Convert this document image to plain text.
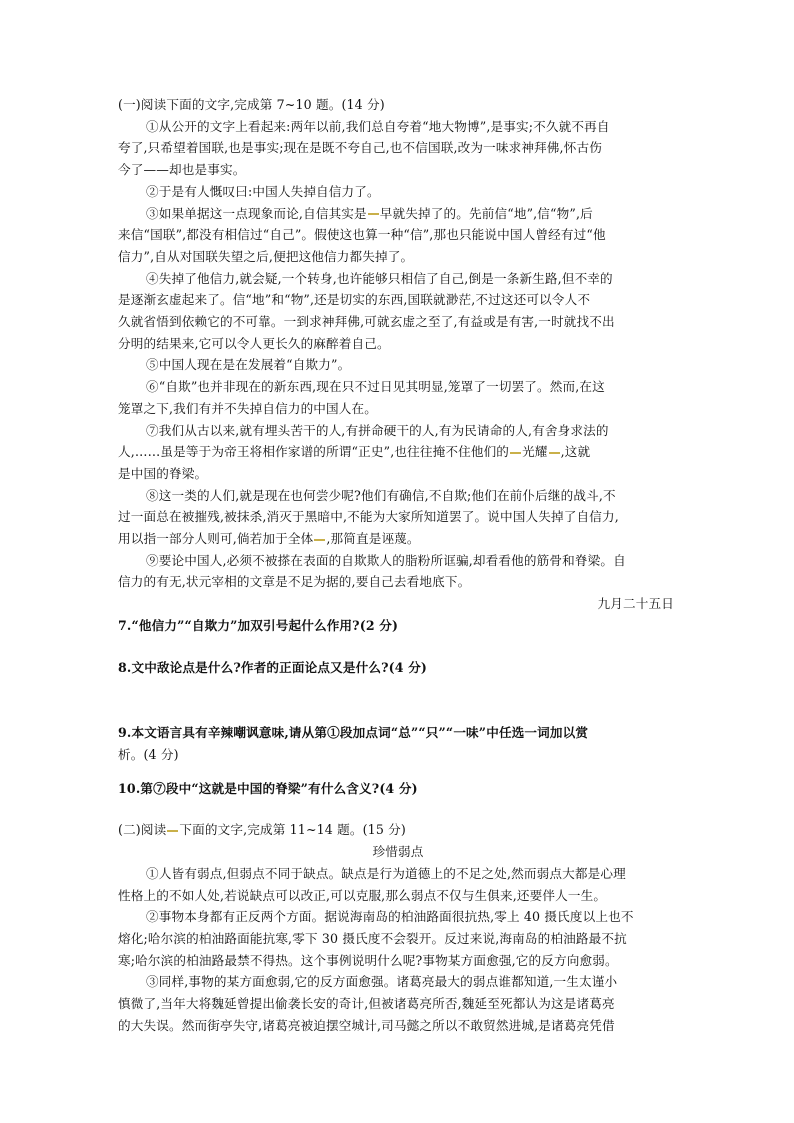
(一)阅读下面的文字,完成第 7~10 题。(14 分)
①从公开的文字上看起来:两年以前,我们总自夸着“地大物博”,是事实;不久就不再自
夸了,只希望着国联,也是事实;现在是既不夸自己,也不信国联,改为一味求神拜佛,怀古伤
今了——却也是事实。
②于是有人慨叹曰:中国人失掉自信力了。
③如果单据这一点现象而论,自信其实是 早就失掉了的。先前信“地”,信“物”,后
来信“国联”,都没有相信过“自己”。假使这也算一种“信”,那也只能说中国人曾经有过“他
信力”,自从对国联失望之后,便把这他信力都失掉了。
④失掉了他信力,就会疑,一个转身,也许能够只相信了自己,倒是一条新生路,但不幸的
是逐渐玄虚起来了。信“地”和“物”,还是切实的东西,国联就渺茫,不过这还可以令人不
久就省悟到依赖它的不可靠。一到求神拜佛,可就玄虚之至了,有益或是有害,一时就找不出
分明的结果来,它可以令人更长久的麻醉着自己。
⑤中国人现在是在发展着“自欺力”。
⑥“自欺”也并非现在的新东西,现在只不过日见其明显,笼罩了一切罢了。然而,在这
笼罩之下,我们有并不失掉自信力的中国人在。
⑦我们从古以来,就有埋头苦干的人,有拼命硬干的人,有为民请命的人,有舍身求法的
人,……虽是等于为帝王将相作家谱的所谓“正史”,也往往掩不住他们的 光耀 ,这就
是中国的脊梁。
⑧这一类的人们,就是现在也何尝少呢?他们有确信,不自欺;他们在前仆后继的战斗,不
过一面总在被摧残,被抹杀,消灭于黑暗中,不能为大家所知道罢了。说中国人失掉了自信力,
用以指一部分人则可,倘若加于全体 ,那简直是诬蔑。
⑨要论中国人,必须不被搽在表面的自欺欺人的脂粉所诓骗,却看看他的筋骨和脊梁。自
信力的有无,状元宰相的文章是不足为据的,要自己去看地底下。
九月二十五日
7.“他信力”“自欺力”加双引号起什么作用?(2 分)
8.文中敌论点是什么?作者的正面论点又是什么?(4 分)
9.本文语言具有辛辣嘲讽意味,请从第①段加点词“总”“只”“一味”中任选一词加以赏
析。(4 分)
10.第⑦段中“这就是中国的脊梁”有什么含义?(4 分)
(二)阅读 下面的文字,完成第 11~14 题。(15 分)
珍惜弱点
①人皆有弱点,但弱点不同于缺点。缺点是行为道德上的不足之处,然而弱点大都是心理
性格上的不如人处,若说缺点可以改正,可以克服,那么弱点不仅与生俱来,还要伴人一生。
②事物本身都有正反两个方面。据说海南岛的柏油路面很抗热,零上 40 摄氏度以上也不
熔化;哈尔滨的柏油路面能抗寒,零下 30 摄氏度不会裂开。反过来说,海南岛的柏油路最不抗
寒;哈尔滨的柏油路最禁不得热。这个事例说明什么呢?事物某方面愈强,它的反方向愈弱。
③同样,事物的某方面愈弱,它的反方面愈强。诸葛亮最大的弱点谁都知道,一生太谨小
慎微了,当年大将魏延曾提出偷袭长安的奇计,但被诸葛亮所否,魏延至死都认为这是诸葛亮
的大失误。然而街亭失守,诸葛亮被迫摆空城计,司马懿之所以不敢贸然进城,是诸葛亮凭借
